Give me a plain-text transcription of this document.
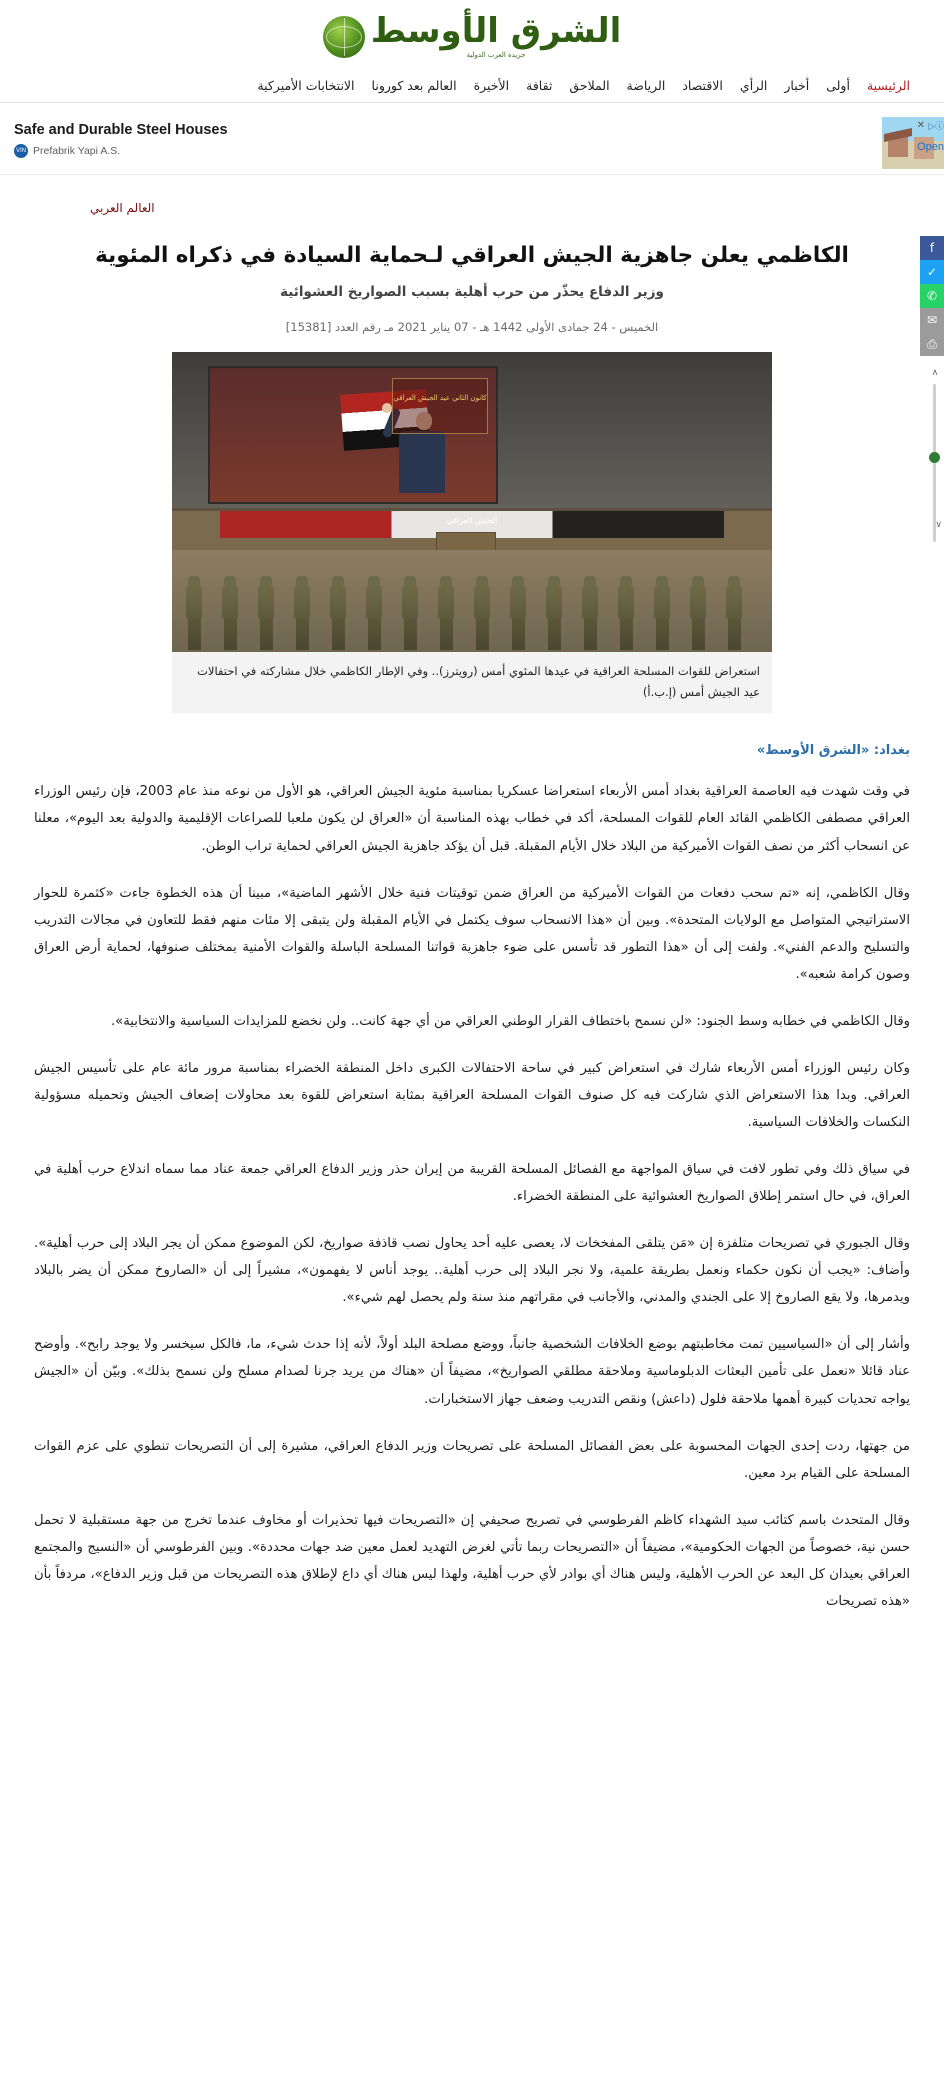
الشرق الأوسط
جريدة العرب الدولية
الرئيسية
أولى
أخبار
الرأي
الاقتصاد
الرياضة
الملاحق
ثقافة
الأخيرة
العالم بعد كورونا
الانتخابات الأميركية
Safe and Durable Steel Houses
VIN Prefabrik Yapi A.S.
ⓘ▷
✕
Open
f
✓
✆
✉
⎙
∧
∨
العالم العربي
الكاظمي يعلن جاهزية الجيش العراقي لـحماية السيادة في ذكراه المئوية
وزير الدفاع يحذّر من حرب أهلية بسبب الصواريخ العشوائية
الخميس - 24 جمادى الأولى 1442 هـ - 07 يناير 2021 مـ رقم العدد [15381]
الجيش العراقي
كانون الثاني عيد الجيش العراقي
استعراض للقوات المسلحة العراقية في عيدها المئوي أمس (رويترز).. وفي الإطار الكاظمي خلال مشاركته في احتفالات عيد الجيش أمس (إ.ب.أ)
بغداد: «الشرق الأوسط»

في وقت شهدت فيه العاصمة العراقية بغداد أمس الأربعاء استعراضا عسكريا بمناسبة مئوية الجيش العراقي، هو الأول من نوعه منذ عام 2003، فإن رئيس الوزراء العراقي مصطفى الكاظمي القائد العام للقوات المسلحة، أكد في خطاب بهذه المناسبة أن «العراق لن يكون ملعبا للصراعات الإقليمية والدولية بعد اليوم»، معلنا عن انسحاب أكثر من نصف القوات الأميركية من البلاد خلال الأيام المقبلة. قبل أن يؤكد جاهزية الجيش العراقي لحماية تراب الوطن.

وقال الكاظمي، إنه «تم سحب دفعات من القوات الأميركية من العراق ضمن توقيتات فنية خلال الأشهر الماضية»، مبينا أن هذه الخطوة جاءت «كثمرة للحوار الاستراتيجي المتواصل مع الولايات المتحدة». وبين أن «هذا الانسحاب سوف يكتمل في الأيام المقبلة ولن يتبقى إلا مئات منهم فقط للتعاون في مجالات التدريب والتسليح والدعم الفني». ولفت إلى أن «هذا التطور قد تأسس على ضوء جاهزية قواتنا المسلحة الباسلة والقوات الأمنية بمختلف صنوفها، لحماية أرض العراق وصون كرامة شعبه».

وقال الكاظمي في خطابه وسط الجنود: «لن نسمح باختطاف القرار الوطني العراقي من أي جهة كانت.. ولن نخضع للمزايدات السياسية والانتخابية».

وكان رئيس الوزراء أمس الأربعاء شارك في استعراض كبير في ساحة الاحتفالات الكبرى داخل المنطقة الخضراء بمناسبة مرور مائة عام على تأسيس الجيش العراقي. وبدا هذا الاستعراض الذي شاركت فيه كل صنوف القوات المسلحة العراقية بمثابة استعراض للقوة بعد محاولات إضعاف الجيش وتحميله مسؤولية النكسات والخلافات السياسية.

في سياق ذلك وفي تطور لافت في سياق المواجهة مع الفصائل المسلحة القريبة من إيران حذر وزير الدفاع العراقي جمعة عناد مما سماه اندلاع حرب أهلية في العراق، في حال استمر إطلاق الصواريخ العشوائية على المنطقة الخضراء.

وقال الجبوري في تصريحات متلفزة إن «مَن يتلقى المفخخات لا، يعصى عليه أحد يحاول نصب قاذفة صواريخ، لكن الموضوع ممكن أن يجر البلاد إلى حرب أهلية». وأضاف: «يجب أن نكون حكماء ونعمل بطريقة علمية، ولا نجر البلاد إلى حرب أهلية.. يوجد أناس لا يفهمون»، مشيراً إلى أن «الصاروخ ممكن أن يضر بالبلاد ويدمرها، ولا يقع الصاروخ إلا على الجندي والمدني، والأجانب في مقراتهم منذ سنة ولم يحصل لهم شيء».

وأشار إلى أن «السياسيين تمت مخاطبتهم بوضع الخلافات الشخصية جانباً، ووضع مصلحة البلد أولاً، لأنه إذا حدث شيء، ما، فالكل سيخسر ولا يوجد رابح». وأوضح عناد قائلا «نعمل على تأمين البعثات الدبلوماسية وملاحقة مطلقي الصواريخ»، مضيفاً أن «هناك من يريد جرنا لصدام مسلح ولن نسمح بذلك». وبيّن أن «الجيش يواجه تحديات كبيرة أهمها ملاحقة فلول (داعش) ونقص التدريب وضعف جهاز الاستخبارات.

من جهتها، ردت إحدى الجهات المحسوبة على بعض الفصائل المسلحة على تصريحات وزير الدفاع العراقي، مشيرة إلى أن التصريحات تنطوي على عزم القوات المسلحة على القيام برد معين.

وقال المتحدث باسم كتائب سيد الشهداء كاظم الفرطوسي في تصريح صحيفي إن «التصريحات فيها تحذيرات أو مخاوف عندما تخرج من جهة مستقبلية لا تحمل حسن نية، خصوصاً من الجهات الحكومية»، مضيفاً أن «التصريحات ربما تأتي لغرض التهديد لعمل معين ضد جهات محددة». وبين الفرطوسي أن «النسيج والمجتمع العراقي بعيدان كل البعد عن الحرب الأهلية، وليس هناك أي بوادر لأي حرب أهلية، ولهذا ليس هناك أي داع لإطلاق هذه التصريحات من قبل وزير الدفاع»، مردفاً بأن «هذه تصريحات
